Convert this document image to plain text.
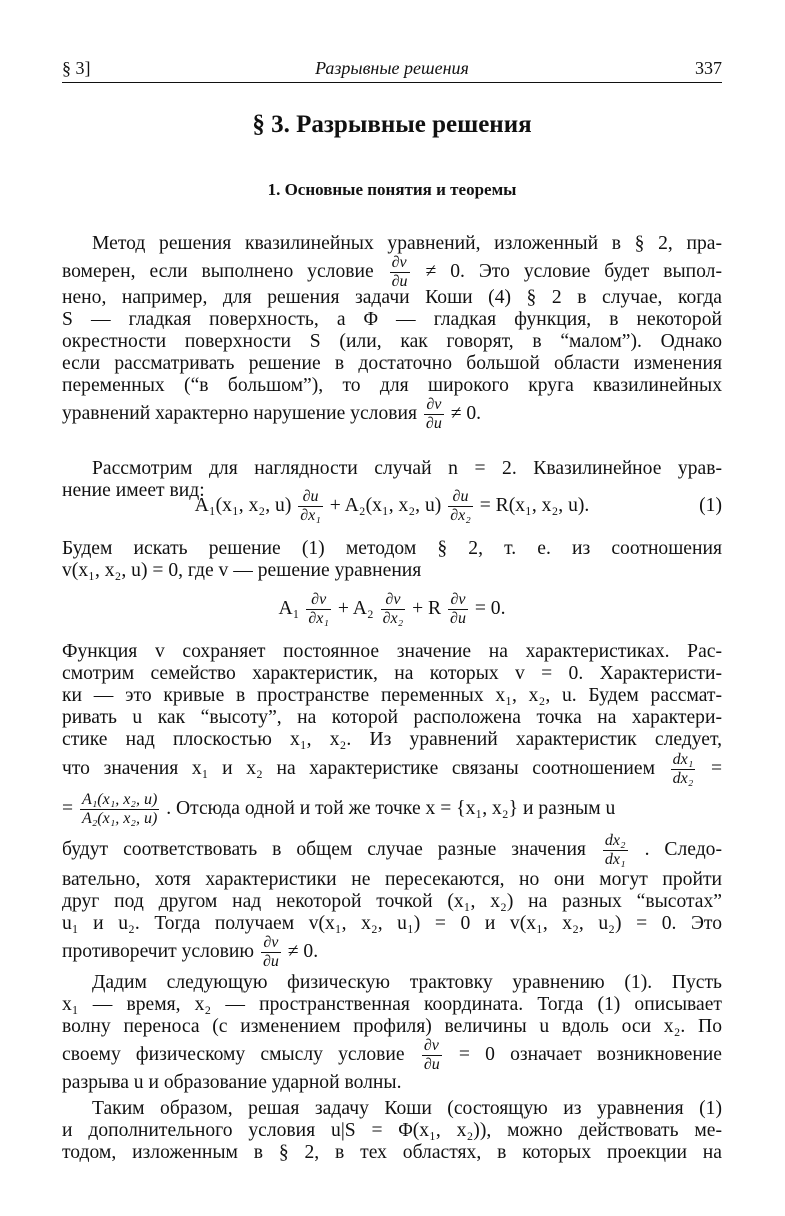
§ 3]	Разрывные решения	337
§ 3. Разрывные решения
1. Основные понятия и теоремы
Метод решения квазилинейных уравнений, изложенный в § 2, пра-
вомерен, если выполнено условие $\frac{\partial v}{\partial u} \ne 0$. Это условие будет выпол-
нено, например, для решения задачи Коши (4) § 2 в случае, когда
S — гладкая поверхность, а Φ — гладкая функция, в некоторой
окрестности поверхности S (или, как говорят, в “малом”). Однако
если рассматривать решение в достаточно большой области изменения
переменных (“в большом”), то для широкого круга квазилинейных
уравнений характерно нарушение условия $\frac{\partial v}{\partial u} \ne 0$.
Рассмотрим для наглядности случай n = 2. Квазилинейное урав-
нение имеет вид:
A₁(x₁, x₂, $u) \frac{\partial u}{\text{∂x₁}} + A_2(x_1$, x₂, $u) \frac{\partial u}{\text{∂x₂}} = R(x_1$, x₂, u).	(1)
Будем искать решение (1) методом § 2, т. е. из соотношения
v(x₁, x₂, u) = 0, где v — решение уравнения
$A_1 \frac{\partial v}{\text{∂x₁}} + A_2 \frac{\partial v}{\text{∂x₂}} + R \frac{\partial v}{\partial u} = 0$.
Функция v сохраняет постоянное значение на характеристиках. Рас-
смотрим семейство характеристик, на которых v = 0. Характеристи-
ки — это кривые в пространстве переменных x₁, x₂, u. Будем рассмат-
ривать u как “высоту”, на которой расположена точка на характери-
стике над плоскостью x₁, x₂. Из уравнений характеристик следует,
что значения x₁ и x₂ на характеристике связаны соотношением $\frac{\text{dx₁}}{\text{dx₂}}$ =
= $\frac{\text{A₁(x₁, x₂, u)}}{\text{A₂(x₁, x₂, u)}}$ . Отсюда одной и той же точке x = {x₁, x₂} и разным u
будут соответствовать в общем случае разные значения $\frac{\text{dx₂}}{\text{dx₁}}$ . Следо-
вательно, хотя характеристики не пересекаются, но они могут пройти
друг под другом над некоторой точкой (x₁, x₂) на разных “высотах”
u₁ и u₂. Тогда получаем v(x₁, x₂, u₁) = 0 и v(x₁, x₂, u₂) = 0. Это
противоречит условию $\frac{\partial v}{\partial u} \ne 0$.
Дадим следующую физическую трактовку уравнению (1). Пусть
x₁ — время, x₂ — пространственная координата. Тогда (1) описывает
волну переноса (с изменением профиля) величины u вдоль оси x₂. По
своему физическому смыслу условие $\frac{\partial v}{\partial u} = 0$ означает возникновение
разрыва u и образование ударной волны.
Таким образом, решая задачу Коши (состоящую из уравнения (1)
и дополнительного условия u|S = Φ(x₁, x₂)), можно действовать ме-
тодом, изложенным в § 2, в тех областях, в которых проекции на
